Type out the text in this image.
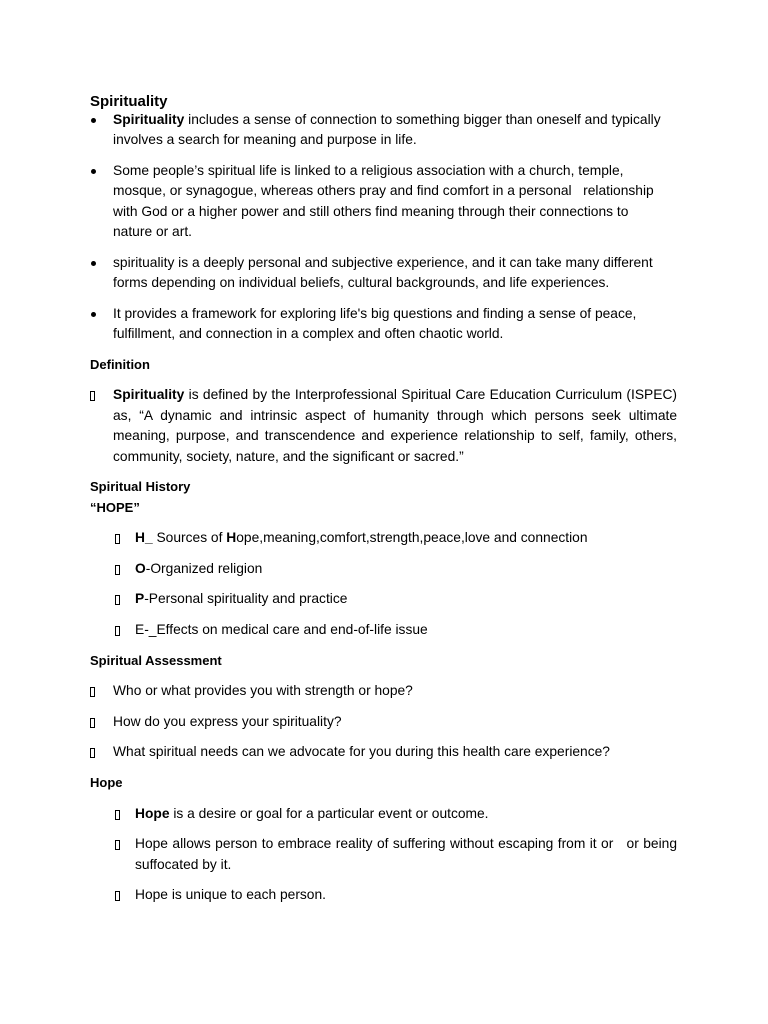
Spirituality
Spirituality includes a sense of connection to something bigger than oneself and typically
involves a search for meaning and purpose in life.
Some people’s spiritual life is linked to a religious association with a church, temple,
mosque, or synagogue, whereas others pray and find comfort in a personal   relationship
with God or a higher power and still others find meaning through their connections to
nature or art.
spirituality is a deeply personal and subjective experience, and it can take many different
forms depending on individual beliefs, cultural backgrounds, and life experiences.
It provides a framework for exploring life's big questions and finding a sense of peace,
fulfillment, and connection in a complex and often chaotic world.
Definition
Spirituality is defined by the Interprofessional Spiritual Care Education Curriculum (ISPEC)
as, “A dynamic and intrinsic aspect of humanity through which persons seek ultimate
meaning, purpose, and transcendence and experience relationship to self, family, others,
community, society, nature, and the significant or sacred.”
Spiritual History
“HOPE”
H_ Sources of Hope,meaning,comfort,strength,peace,love and connection
O-Organized religion
P-Personal spirituality and practice
E-_Effects on medical care and end-of-life issue
Spiritual Assessment
Who or what provides you with strength or hope?
How do you express your spirituality?
What spiritual needs can we advocate for you during this health care experience?
Hope
Hope is a desire or goal for a particular event or outcome.
Hope allows person to embrace reality of suffering without escaping from it or   or being
suffocated by it.
Hope is unique to each person.
